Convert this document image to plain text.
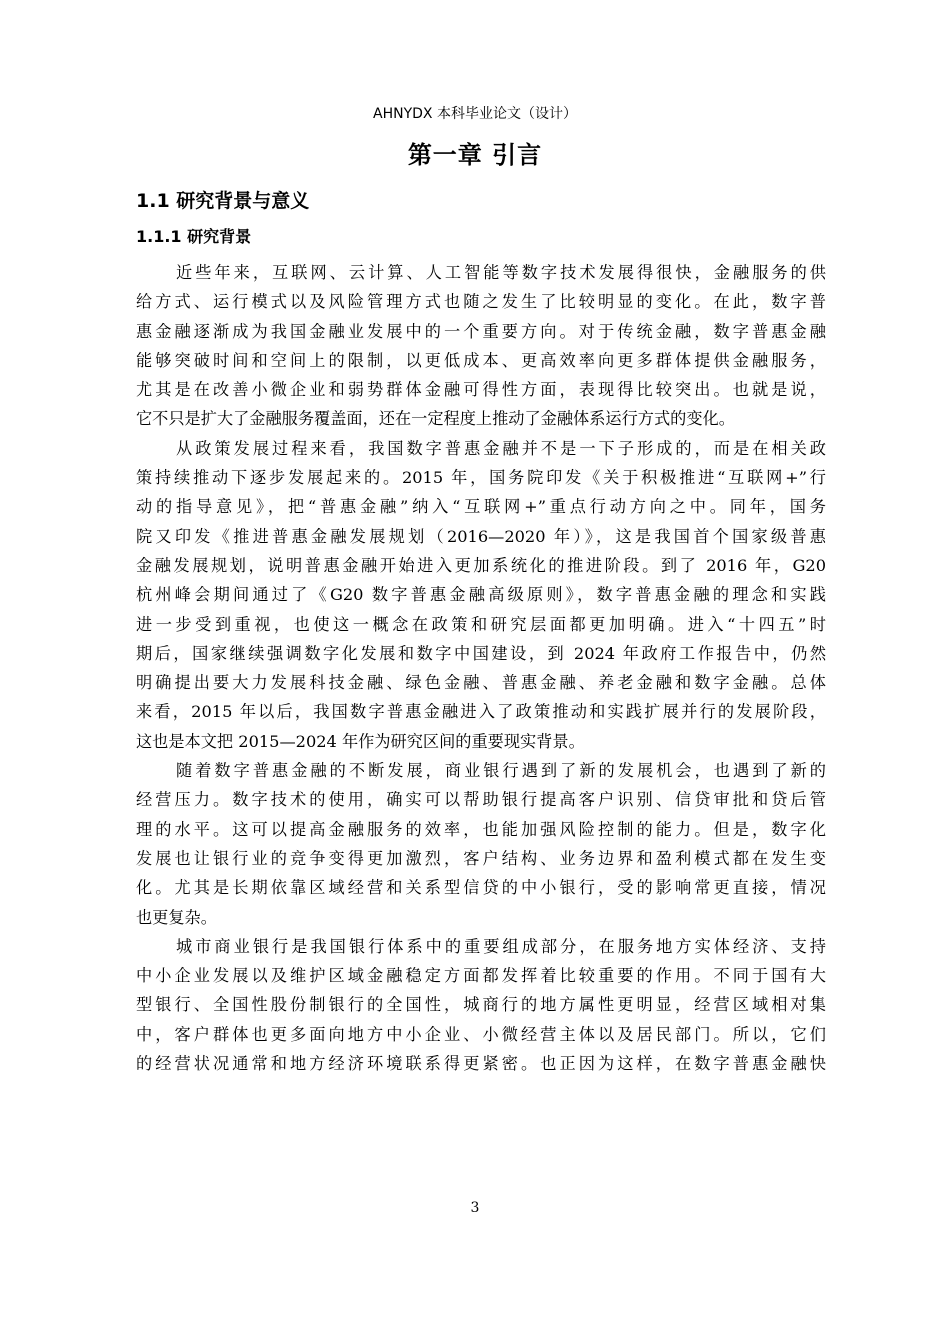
AHNYDX 本科毕业论文（设计）
第一章 引言
1.1 研究背景与意义
1.1.1 研究背景

近些年来，互联网、云计算、人工智能等数字技术发展得很快，金融服务的供
给方式、运行模式以及风险管理方式也随之发生了比较明显的变化。在此，数字普
惠金融逐渐成为我国金融业发展中的一个重要方向。对于传统金融，数字普惠金融
能够突破时间和空间上的限制，以更低成本、更高效率向更多群体提供金融服务，
尤其是在改善小微企业和弱势群体金融可得性方面，表现得比较突出。也就是说，
它不只是扩大了金融服务覆盖面，还在一定程度上推动了金融体系运行方式的变化。

从政策发展过程来看，我国数字普惠金融并不是一下子形成的，而是在相关政
策持续推动下逐步发展起来的。2015 年，国务院印发《关于积极推进“互联网+”行
动的指导意见》，把“普惠金融”纳入“互联网+”重点行动方向之中。同年，国务
院又印发《推进普惠金融发展规划（2016—2020 年）》，这是我国首个国家级普惠
金融发展规划，说明普惠金融开始进入更加系统化的推进阶段。到了 2016 年，G20
杭州峰会期间通过了《G20 数字普惠金融高级原则》，数字普惠金融的理念和实践
进一步受到重视，也使这一概念在政策和研究层面都更加明确。进入“十四五”时
期后，国家继续强调数字化发展和数字中国建设，到 2024 年政府工作报告中，仍然
明确提出要大力发展科技金融、绿色金融、普惠金融、养老金融和数字金融。总体
来看，2015 年以后，我国数字普惠金融进入了政策推动和实践扩展并行的发展阶段，
这也是本文把 2015—2024 年作为研究区间的重要现实背景。

随着数字普惠金融的不断发展，商业银行遇到了新的发展机会，也遇到了新的
经营压力。数字技术的使用，确实可以帮助银行提高客户识别、信贷审批和贷后管
理的水平。这可以提高金融服务的效率，也能加强风险控制的能力。但是，数字化
发展也让银行业的竞争变得更加激烈，客户结构、业务边界和盈利模式都在发生变
化。尤其是长期依靠区域经营和关系型信贷的中小银行，受的影响常更直接，情况
也更复杂。

城市商业银行是我国银行体系中的重要组成部分，在服务地方实体经济、支持
中小企业发展以及维护区域金融稳定方面都发挥着比较重要的作用。不同于国有大
型银行、全国性股份制银行的全国性，城商行的地方属性更明显，经营区域相对集
中，客户群体也更多面向地方中小企业、小微经营主体以及居民部门。所以，它们
的经营状况通常和地方经济环境联系得更紧密。也正因为这样，在数字普惠金融快

3
